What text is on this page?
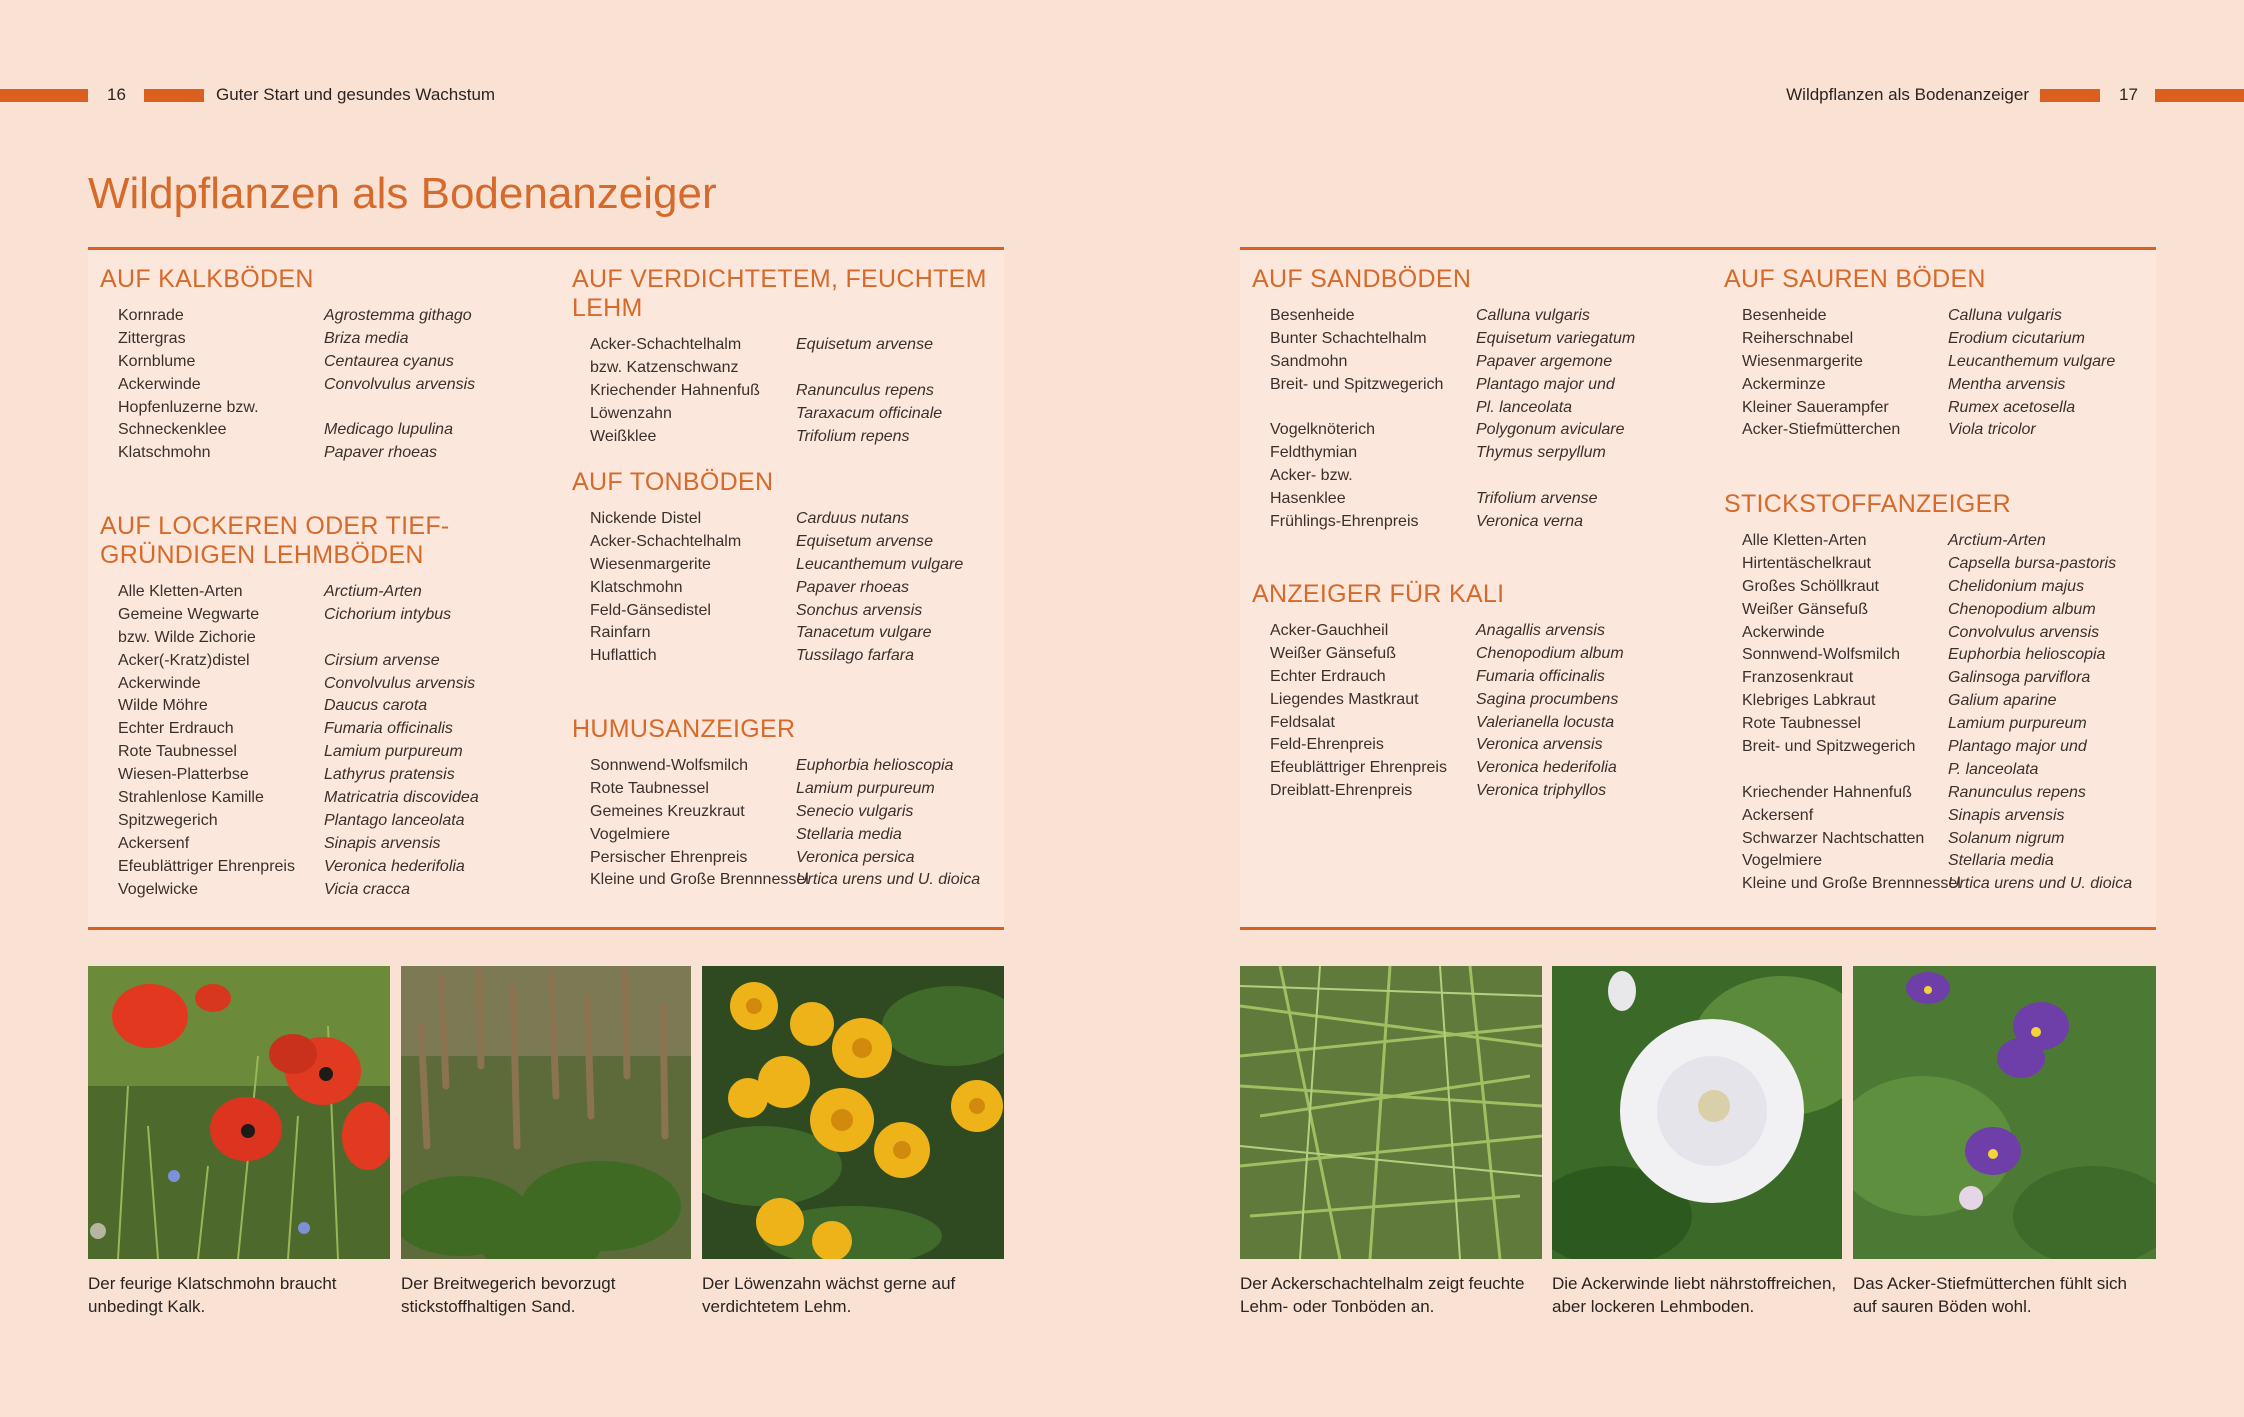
16	Guter Start und gesundes Wachstum	Wildpflanzen als Bodenanzeiger	17
Wildpflanzen als Bodenanzeiger
AUF KALKBÖDEN
Kornrade	Agrostemma githago
Zittergras	Briza media
Kornblume	Centaurea cyanus
Ackerwinde	Convolvulus arvensis
Hopfenluzerne bzw.
Schneckenklee	Medicago lupulina
Klatschmohn	Papaver rhoeas
AUF LOCKEREN ODER TIEF-
GRÜNDIGEN LEHMBÖDEN
Alle Kletten-Arten	Arctium-Arten
Gemeine Wegwarte	Cichorium intybus
bzw. Wilde Zichorie
Acker(-Kratz)distel	Cirsium arvense
Ackerwinde	Convolvulus arvensis
Wilde Möhre	Daucus carota
Echter Erdrauch	Fumaria officinalis
Rote Taubnessel	Lamium purpureum
Wiesen-Platterbse	Lathyrus pratensis
Strahlenlose Kamille	Matricatria discovidea
Spitzwegerich	Plantago lanceolata
Ackersenf	Sinapis arvensis
Efeublättriger Ehrenpreis Veronica hederifolia
Vogelwicke	Vicia cracca
AUF VERDICHTETEM, FEUCHTEM LEHM
Acker-Schachtelhalm	Equisetum arvense
bzw. Katzenschwanz
Kriechender Hahnenfuß Ranunculus repens
Löwenzahn	Taraxacum officinale
Weißklee	Trifolium repens
AUF TONBÖDEN
Nickende Distel	Carduus nutans
Acker-Schachtelhalm	Equisetum arvense
Wiesenmargerite	Leucanthemum vulgare
Klatschmohn	Papaver rhoeas
Feld-Gänsedistel	Sonchus arvensis
Rainfarn	Tanacetum vulgare
Huflattich	Tussilago farfara
HUMUSANZEIGER
Sonnwend-Wolfsmilch	Euphorbia helioscopia
Rote Taubnessel	Lamium purpureum
Gemeines Kreuzkraut	Senecio vulgaris
Vogelmiere	Stellaria media
Persischer Ehrenpreis	Veronica persica
Kleine und Große Brennnessel
Urtica urens und U. dioica
AUF SANDBÖDEN
Besenheide	Calluna vulgaris
Bunter Schachtelhalm	Equisetum variegatum
Sandmohn	Papaver argemone
Breit- und Spitzwegerich Plantago major und
Pl. lanceolata
Vogelknöterich	Polygonum aviculare
Feldthymian	Thymus serpyllum
Acker- bzw.
Hasenklee	Trifolium arvense
Frühlings-Ehrenpreis	Veronica verna
ANZEIGER FÜR KALI
Acker-Gauchheil	Anagallis arvensis
Weißer Gänsefuß	Chenopodium album
Echter Erdrauch	Fumaria officinalis
Liegendes Mastkraut	Sagina procumbens
Feldsalat	Valerianella locusta
Feld-Ehrenpreis	Veronica arvensis
Efeublättriger Ehrenpreis Veronica hederifolia
Dreiblatt-Ehrenpreis	Veronica triphyllos
AUF SAUREN BÖDEN
Besenheide	Calluna vulgaris
Reiherschnabel	Erodium cicutarium
Wiesenmargerite	Leucanthemum vulgare
Ackerminze	Mentha arvensis
Kleiner Sauerampfer	Rumex acetosella
Acker-Stiefmütterchen	Viola tricolor
STICKSTOFFANZEIGER
Alle Kletten-Arten	Arctium-Arten
Hirtentäschelkraut	Capsella bursa-pastoris
Großes Schöllkraut	Chelidonium majus
Weißer Gänsefuß	Chenopodium album
Ackerwinde	Convolvulus arvensis
Sonnwend-Wolfsmilch	Euphorbia helioscopia
Franzosenkraut	Galinsoga parviflora
Klebriges Labkraut	Galium aparine
Rote Taubnessel	Lamium purpureum
Breit- und Spitzwegerich Plantago major und
P. lanceolata
Kriechender Hahnenfuß Ranunculus repens
Ackersenf	Sinapis arvensis
Schwarzer Nachtschatten Solanum nigrum
Vogelmiere	Stellaria media
Kleine und Große Brennnessel
Urtica urens und U. dioica
Der feurige Klatschmohn braucht
unbedingt Kalk.
Der Breitwegerich bevorzugt
stickstoffhaltigen Sand.
Der Löwenzahn wächst gerne auf
verdichtetem Lehm.
Der Ackerschachtelhalm zeigt feuchte
Lehm- oder Tonböden an.
Die Ackerwinde liebt nährstoffreichen,
aber lockeren Lehmboden.
Das Acker-Stiefmütterchen fühlt sich
auf sauren Böden wohl.
